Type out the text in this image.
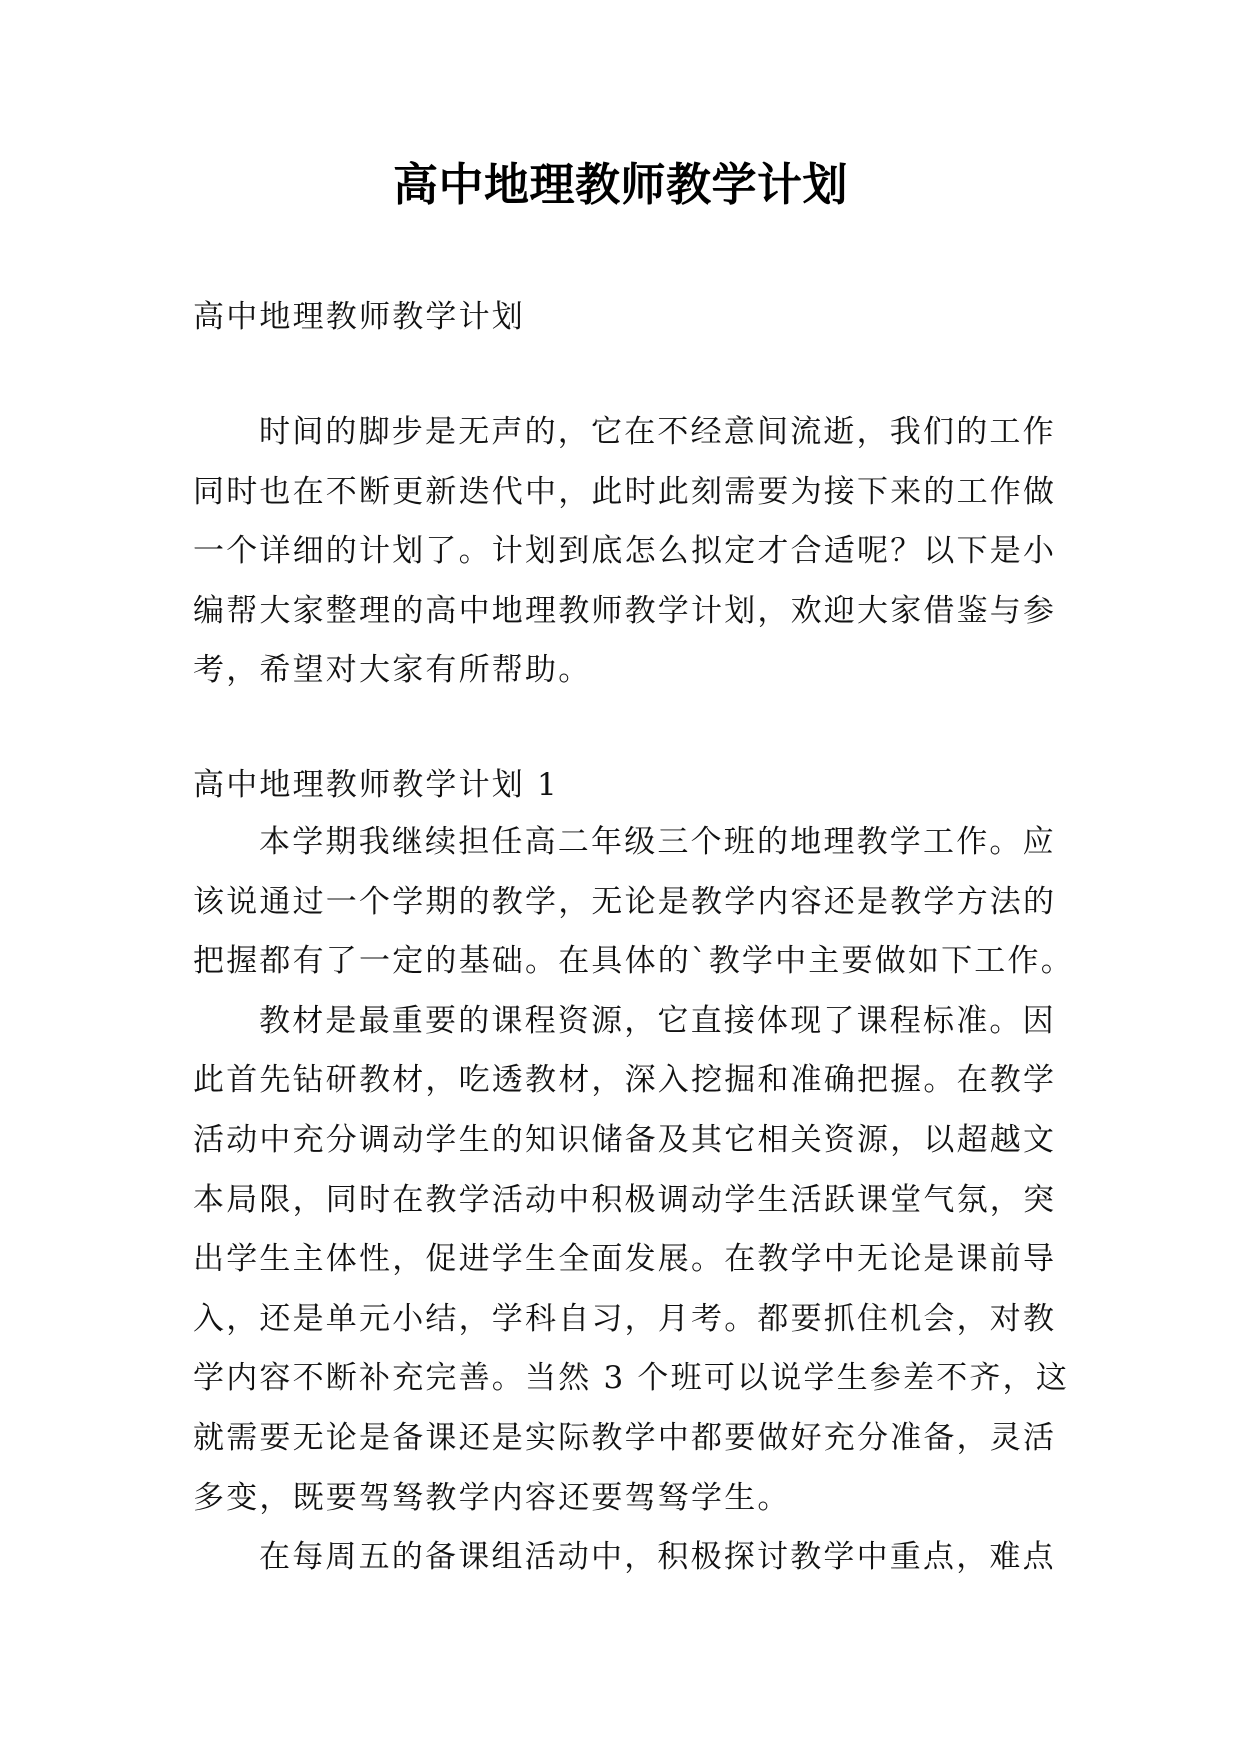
高中地理教师教学计划
高中地理教师教学计划
时间的脚步是无声的，它在不经意间流逝，我们的工作
同时也在不断更新迭代中，此时此刻需要为接下来的工作做
一个详细的计划了。计划到底怎么拟定才合适呢？以下是小
编帮大家整理的高中地理教师教学计划，欢迎大家借鉴与参
考，希望对大家有所帮助。
高中地理教师教学计划 1
本学期我继续担任高二年级三个班的地理教学工作。应
该说通过一个学期的教学，无论是教学内容还是教学方法的
把握都有了一定的基础。在具体的`教学中主要做如下工作。
教材是最重要的课程资源，它直接体现了课程标准。因
此首先钻研教材，吃透教材，深入挖掘和准确把握。在教学
活动中充分调动学生的知识储备及其它相关资源，以超越文
本局限，同时在教学活动中积极调动学生活跃课堂气氛，突
出学生主体性，促进学生全面发展。在教学中无论是课前导
入，还是单元小结，学科自习，月考。都要抓住机会，对教
学内容不断补充完善。当然 3 个班可以说学生参差不齐，这
就需要无论是备课还是实际教学中都要做好充分准备，灵活
多变，既要驾驽教学内容还要驾驽学生。
在每周五的备课组活动中，积极探讨教学中重点，难点
